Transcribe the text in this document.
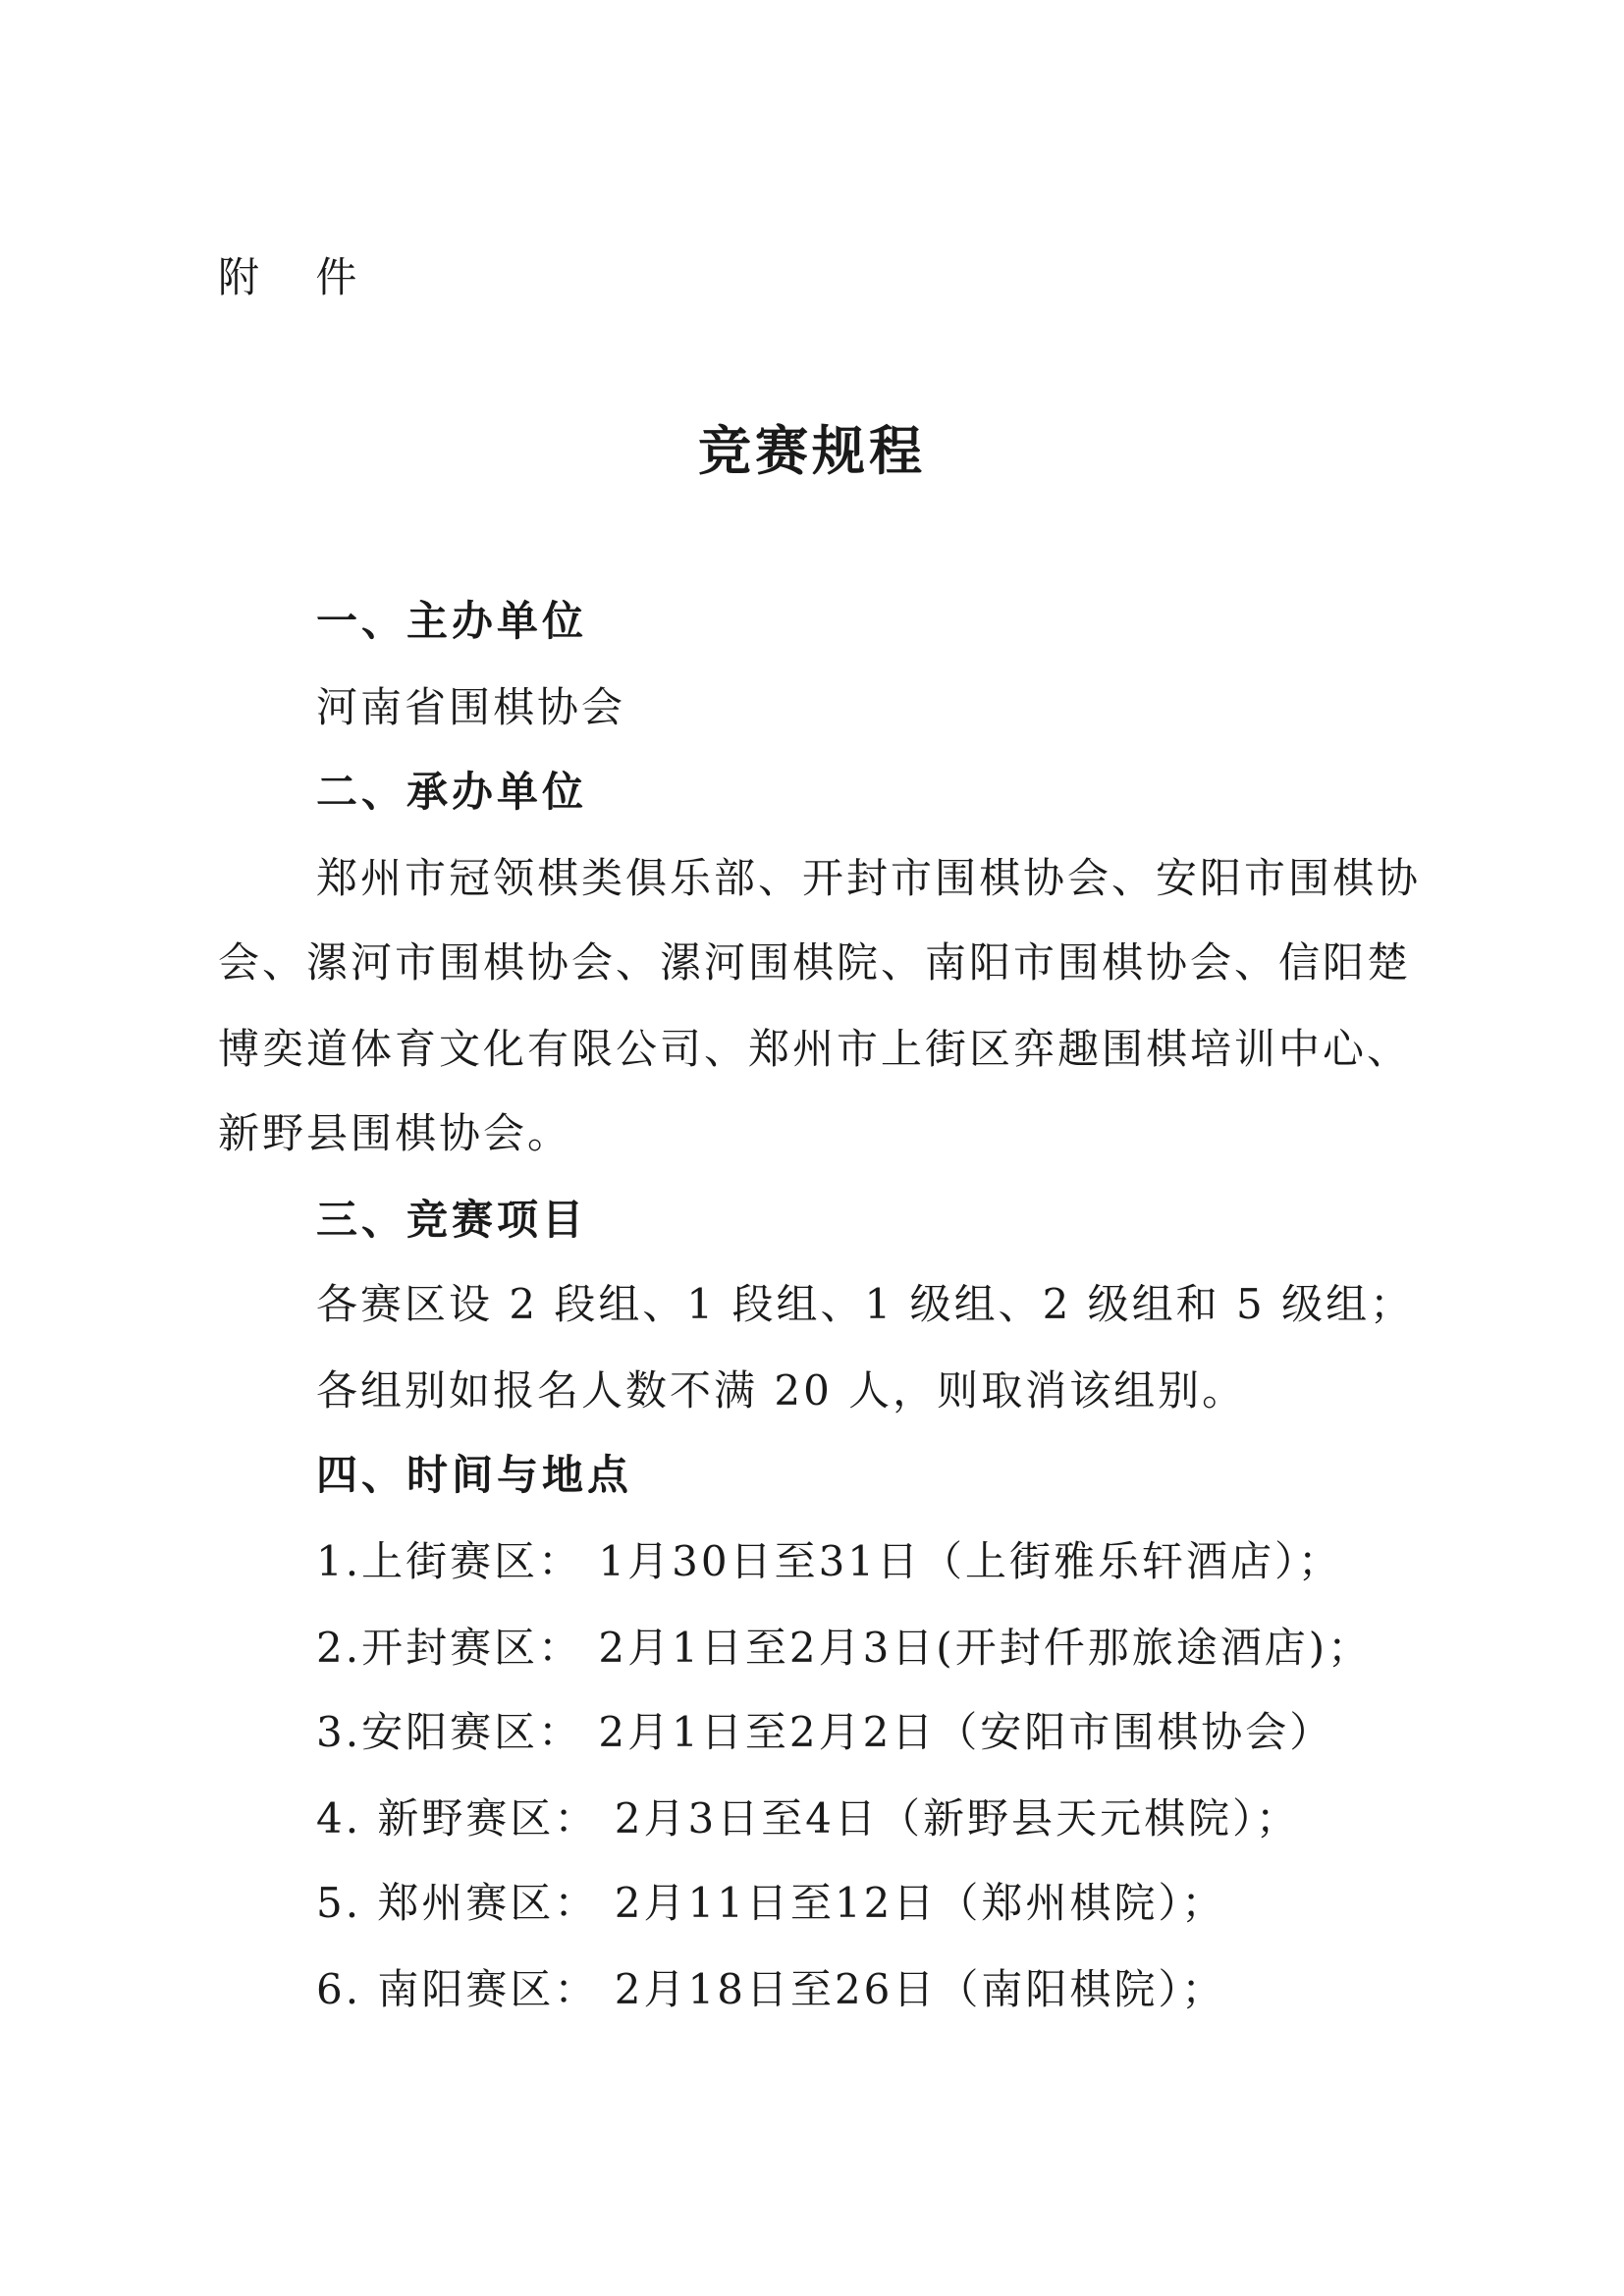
附 件
竞赛规程
一、主办单位
河南省围棋协会
二、承办单位
郑州市冠领棋类俱乐部、开封市围棋协会、安阳市围棋协
会、漯河市围棋协会、漯河围棋院、南阳市围棋协会、信阳楚
博奕道体育文化有限公司、郑州市上街区弈趣围棋培训中心、
新野县围棋协会。
三、竞赛项目
各赛区设 2 段组、1 段组、1 级组、2 级组和 5 级组；
各组别如报名人数不满 20 人，则取消该组别。
四、时间与地点
1.上街赛区： 1月30日至31日（上街雅乐轩酒店）；
2.开封赛区： 2月1日至2月3日(开封仟那旅途酒店)；
3.安阳赛区： 2月1日至2月2日（安阳市围棋协会）
4. 新野赛区： 2月3日至4日（新野县天元棋院）；
5. 郑州赛区： 2月11日至12日（郑州棋院）；
6. 南阳赛区： 2月18日至26日（南阳棋院）；
